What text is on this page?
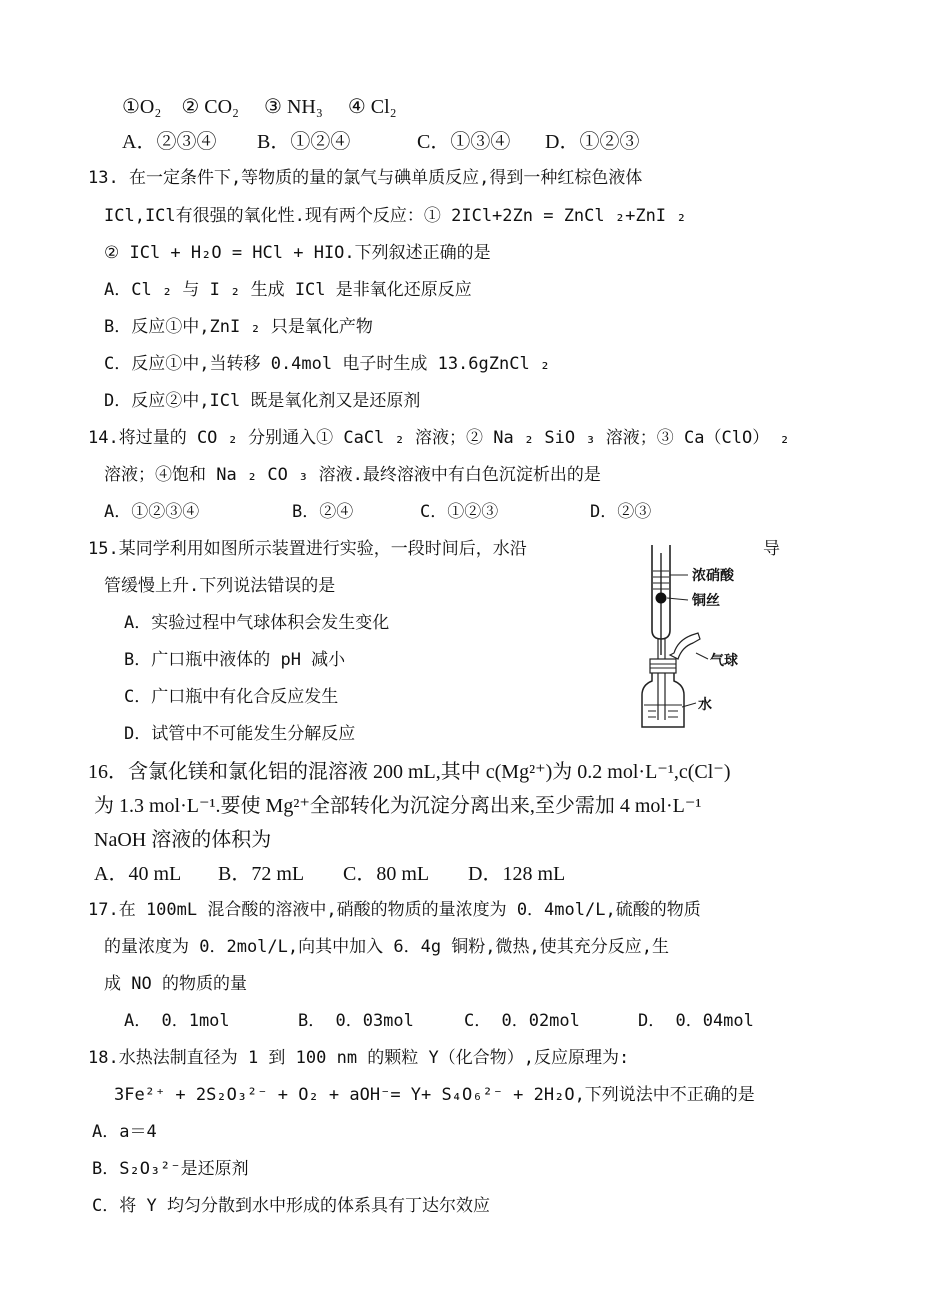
①O₂　② CO₂　 ③ NH₃　 ④ Cl₂
A．②③④ B．①②④	C．①③④ D．①②③
13. 在一定条件下,等物质的量的氯气与碘单质反应,得到一种红棕色液体
ICl,ICl有很强的氧化性.现有两个反应：① 2ICl+2Zn = ZnCl ₂+ZnI ₂
② ICl + H₂O = HCl + HIO.下列叙述正确的是
A．Cl ₂ 与 I ₂ 生成 ICl 是非氧化还原反应
B．反应①中,ZnI ₂ 只是氧化产物
C．反应①中,当转移 0.4mol 电子时生成 13.6gZnCl ₂
D．反应②中,ICl 既是氧化剂又是还原剂
14.将过量的 CO ₂ 分别通入① CaCl ₂ 溶液；② Na ₂ SiO ₃ 溶液；③ Ca（ClO） ₂
溶液；④饱和 Na ₂ CO ₃ 溶液.最终溶液中有白色沉淀析出的是
A．①②③④	B．②④	C．①②③	D．②③
15.某同学利用如图所示装置进行实验，一段时间后，水沿	导
管缓慢上升.下列说法错误的是
A．实验过程中气球体积会发生变化
B．广口瓶中液体的 pH 减小
C．广口瓶中有化合反应发生
D．试管中不可能发生分解反应
浓硝酸
铜丝
气球
水
16．含氯化镁和氯化铝的混溶液 200 mL,其中 c(Mg²⁺)为 0.2 mol·L⁻¹,c(Cl⁻)
为 1.3 mol·L⁻¹.要使 Mg²⁺全部转化为沉淀分离出来,至少需加 4 mol·L⁻¹
NaOH 溶液的体积为
A．40 mL B．72 mL C．80 mL D．128 mL
17.在 100mL 混合酸的溶液中,硝酸的物质的量浓度为 0．4mol/L,硫酸的物质
的量浓度为 0．2mol/L,向其中加入 6．4g 铜粉,微热,使其充分反应,生
成 NO 的物质的量
A． 0．1mol	B． 0．03mol	C． 0．02mol	D． 0．04mol
18.水热法制直径为 1 到 100 nm 的颗粒 Y（化合物）,反应原理为:
3Fe²⁺ + 2S₂O₃²⁻ + O₂ + aOH⁻= Y+ S₄O₆²⁻ + 2H₂O,下列说法中不正确的是
A．a＝4
B．S₂O₃²⁻是还原剂
C．将 Y 均匀分散到水中形成的体系具有丁达尔效应
